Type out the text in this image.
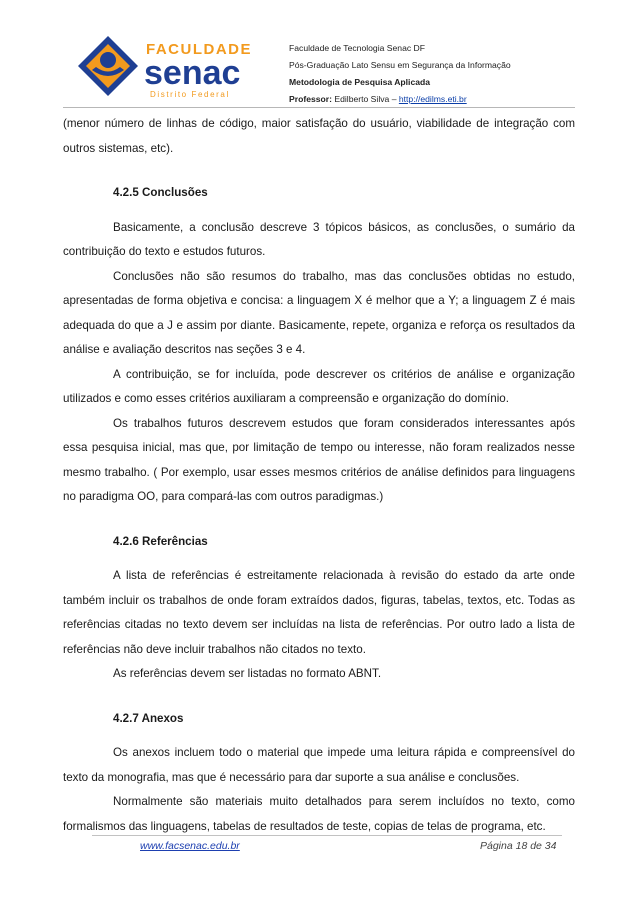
FACULDADE
senac
Distrito Federal
Faculdade de Tecnologia Senac DF
Pós-Graduação Lato Sensu em Segurança da Informação
Metodologia de Pesquisa Aplicada
Professor: Edilberto Silva – http://edilms.eti.br

(menor número de linhas de código, maior satisfação do usuário, viabilidade de integração com outros sistemas, etc).

4.2.5 Conclusões

Basicamente, a conclusão descreve 3 tópicos básicos, as conclusões, o sumário da contribuição do texto e estudos futuros.

Conclusões não são resumos do trabalho, mas das conclusões obtidas no estudo, apresentadas de forma objetiva e concisa: a linguagem X é melhor que a Y; a linguagem Z é mais adequada do que a J e assim por diante. Basicamente, repete, organiza e reforça os resultados da análise e avaliação descritos nas seções 3 e 4.

A contribuição, se for incluída, pode descrever os critérios de análise e organização utilizados e como esses critérios auxiliaram a compreensão e organização do domínio.

Os trabalhos futuros descrevem estudos que foram considerados interessantes após essa pesquisa inicial, mas que, por limitação de tempo ou interesse, não foram realizados nesse mesmo trabalho. ( Por exemplo, usar esses mesmos critérios de análise definidos para linguagens no paradigma OO, para compará-las com outros paradigmas.)

4.2.6 Referências

A lista de referências é estreitamente relacionada à revisão do estado da arte onde também incluir os trabalhos de onde foram extraídos dados, figuras, tabelas, textos, etc. Todas as referências citadas no texto devem ser incluídas na lista de referências. Por outro lado a lista de referências não deve incluir trabalhos não citados no texto.

As referências devem ser listadas no formato ABNT.

4.2.7 Anexos

Os anexos incluem todo o material que impede uma leitura rápida e compreensível do texto da monografia, mas que é necessário para dar suporte a sua análise e conclusões.

Normalmente são materiais muito detalhados para serem incluídos no texto, como formalismos das linguagens, tabelas de resultados de teste, copias de telas de programa, etc.

www.facsenac.edu.br	Página 18 de 34
